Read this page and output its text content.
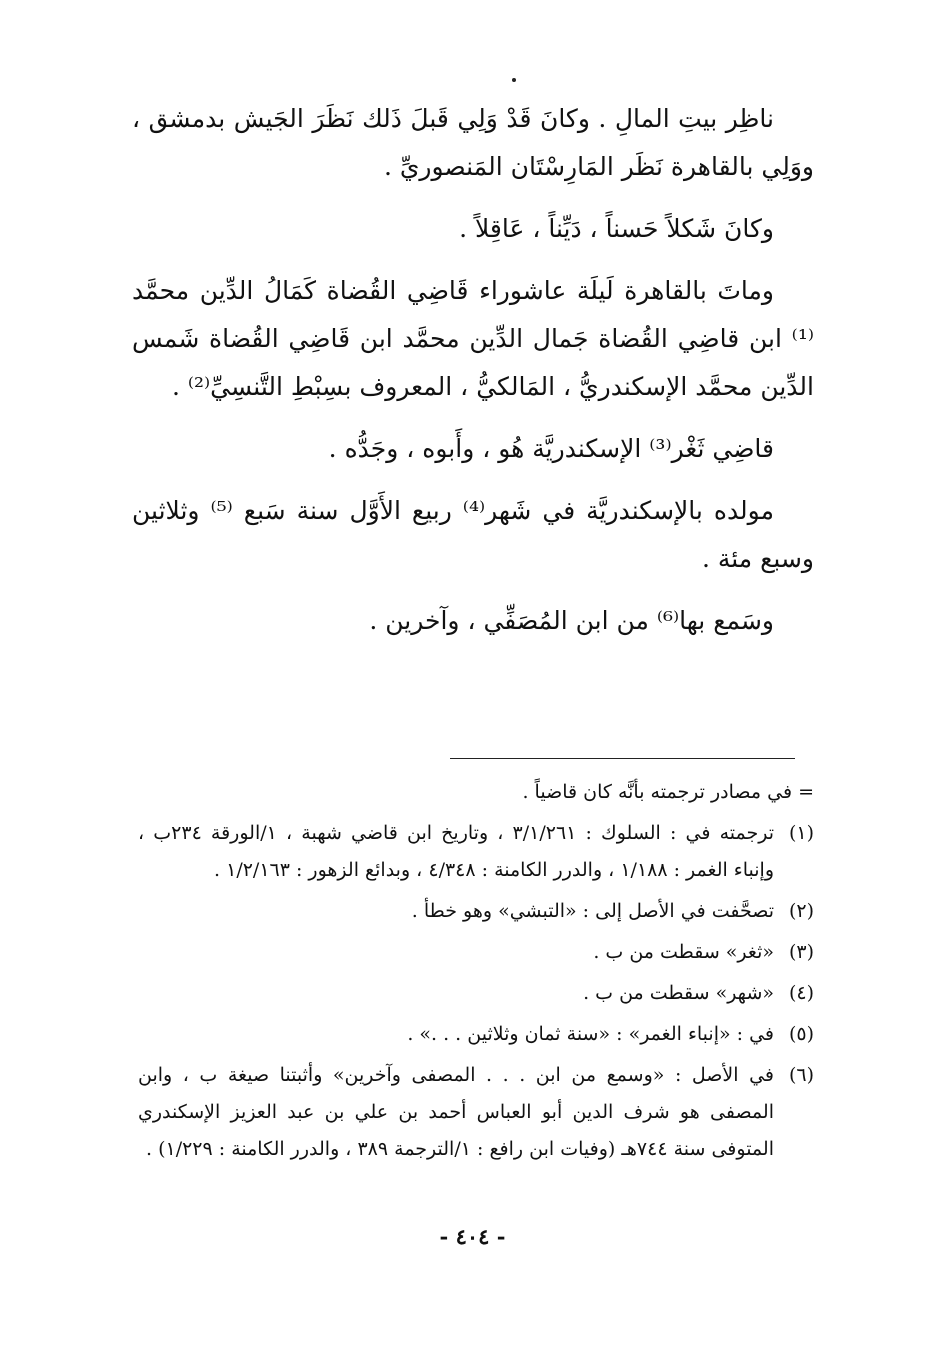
ناظِر بيتِ المالِ . وكانَ قَدْ وَلِي قَبلَ ذَلك نَظَرَ الجَيش بدمشق ، ووَلِي بالقاهرة نَظَر المَارِسْتَان المَنصوريِّ .

وكانَ شَكلاً حَسناً ، دَيِّناً ، عَاقِلاً .

وماتَ بالقاهرة لَيلَة عاشوراء قَاضِي القُضاة كَمَالُ الدِّين محمَّد ⁽¹⁾ ابن قاضِي القُضاة جَمال الدِّين محمَّد ابن قَاضِي القُضاة شَمس الدِّين محمَّد الإسكندريُّ ، المَالكيُّ ، المعروف بسِبْطِ التَّنسِيِّ⁽²⁾ .

قاضِي ثَغْر⁽³⁾ الإسكندريَّة هُو ، وأَبوه ، وجَدُّه .

مولده بالإسكندريَّة في شَهر⁽⁴⁾ ربيع الأَوَّل سنة سَبع ⁽⁵⁾ وثلاثين وسبع مئة .

وسَمع بها⁽⁶⁾ من ابن المُصَفِّي ، وآخرين .

= في مصادر ترجمته بأنَّه كان قاضياً .
(١)
ترجمته في : السلوك : ٣/١/٢٦١ ، وتاريخ ابن قاضي شهبة ، ١/الورقة ٢٣٤ب ، وإنباء الغمر : ١/١٨٨ ، والدرر الكامنة : ٤/٣٤٨ ، وبدائع الزهور : ١/٢/١٦٣ .
(٢)
تصحَّفت في الأصل إلى : «التبشي» وهو خطأ .
(٣)
«ثغر» سقطت من ب .
(٤)
«شهر» سقطت من ب .
(٥)
في : «إنباء الغمر» : «سنة ثمان وثلاثين . . .» .
(٦)
في الأصل : «وسمع من ابن . . . المصفى وآخرين» وأثبتنا صيغة ب ، وابن المصفى هو شرف الدين أبو العباس أحمد بن علي بن عبد العزيز الإسكندري المتوفى سنة ٧٤٤هـ (وفيات ابن رافع : ١/الترجمة ٣٨٩ ، والدرر الكامنة : ١/٢٢٩) .
- ٤٠٤ -
